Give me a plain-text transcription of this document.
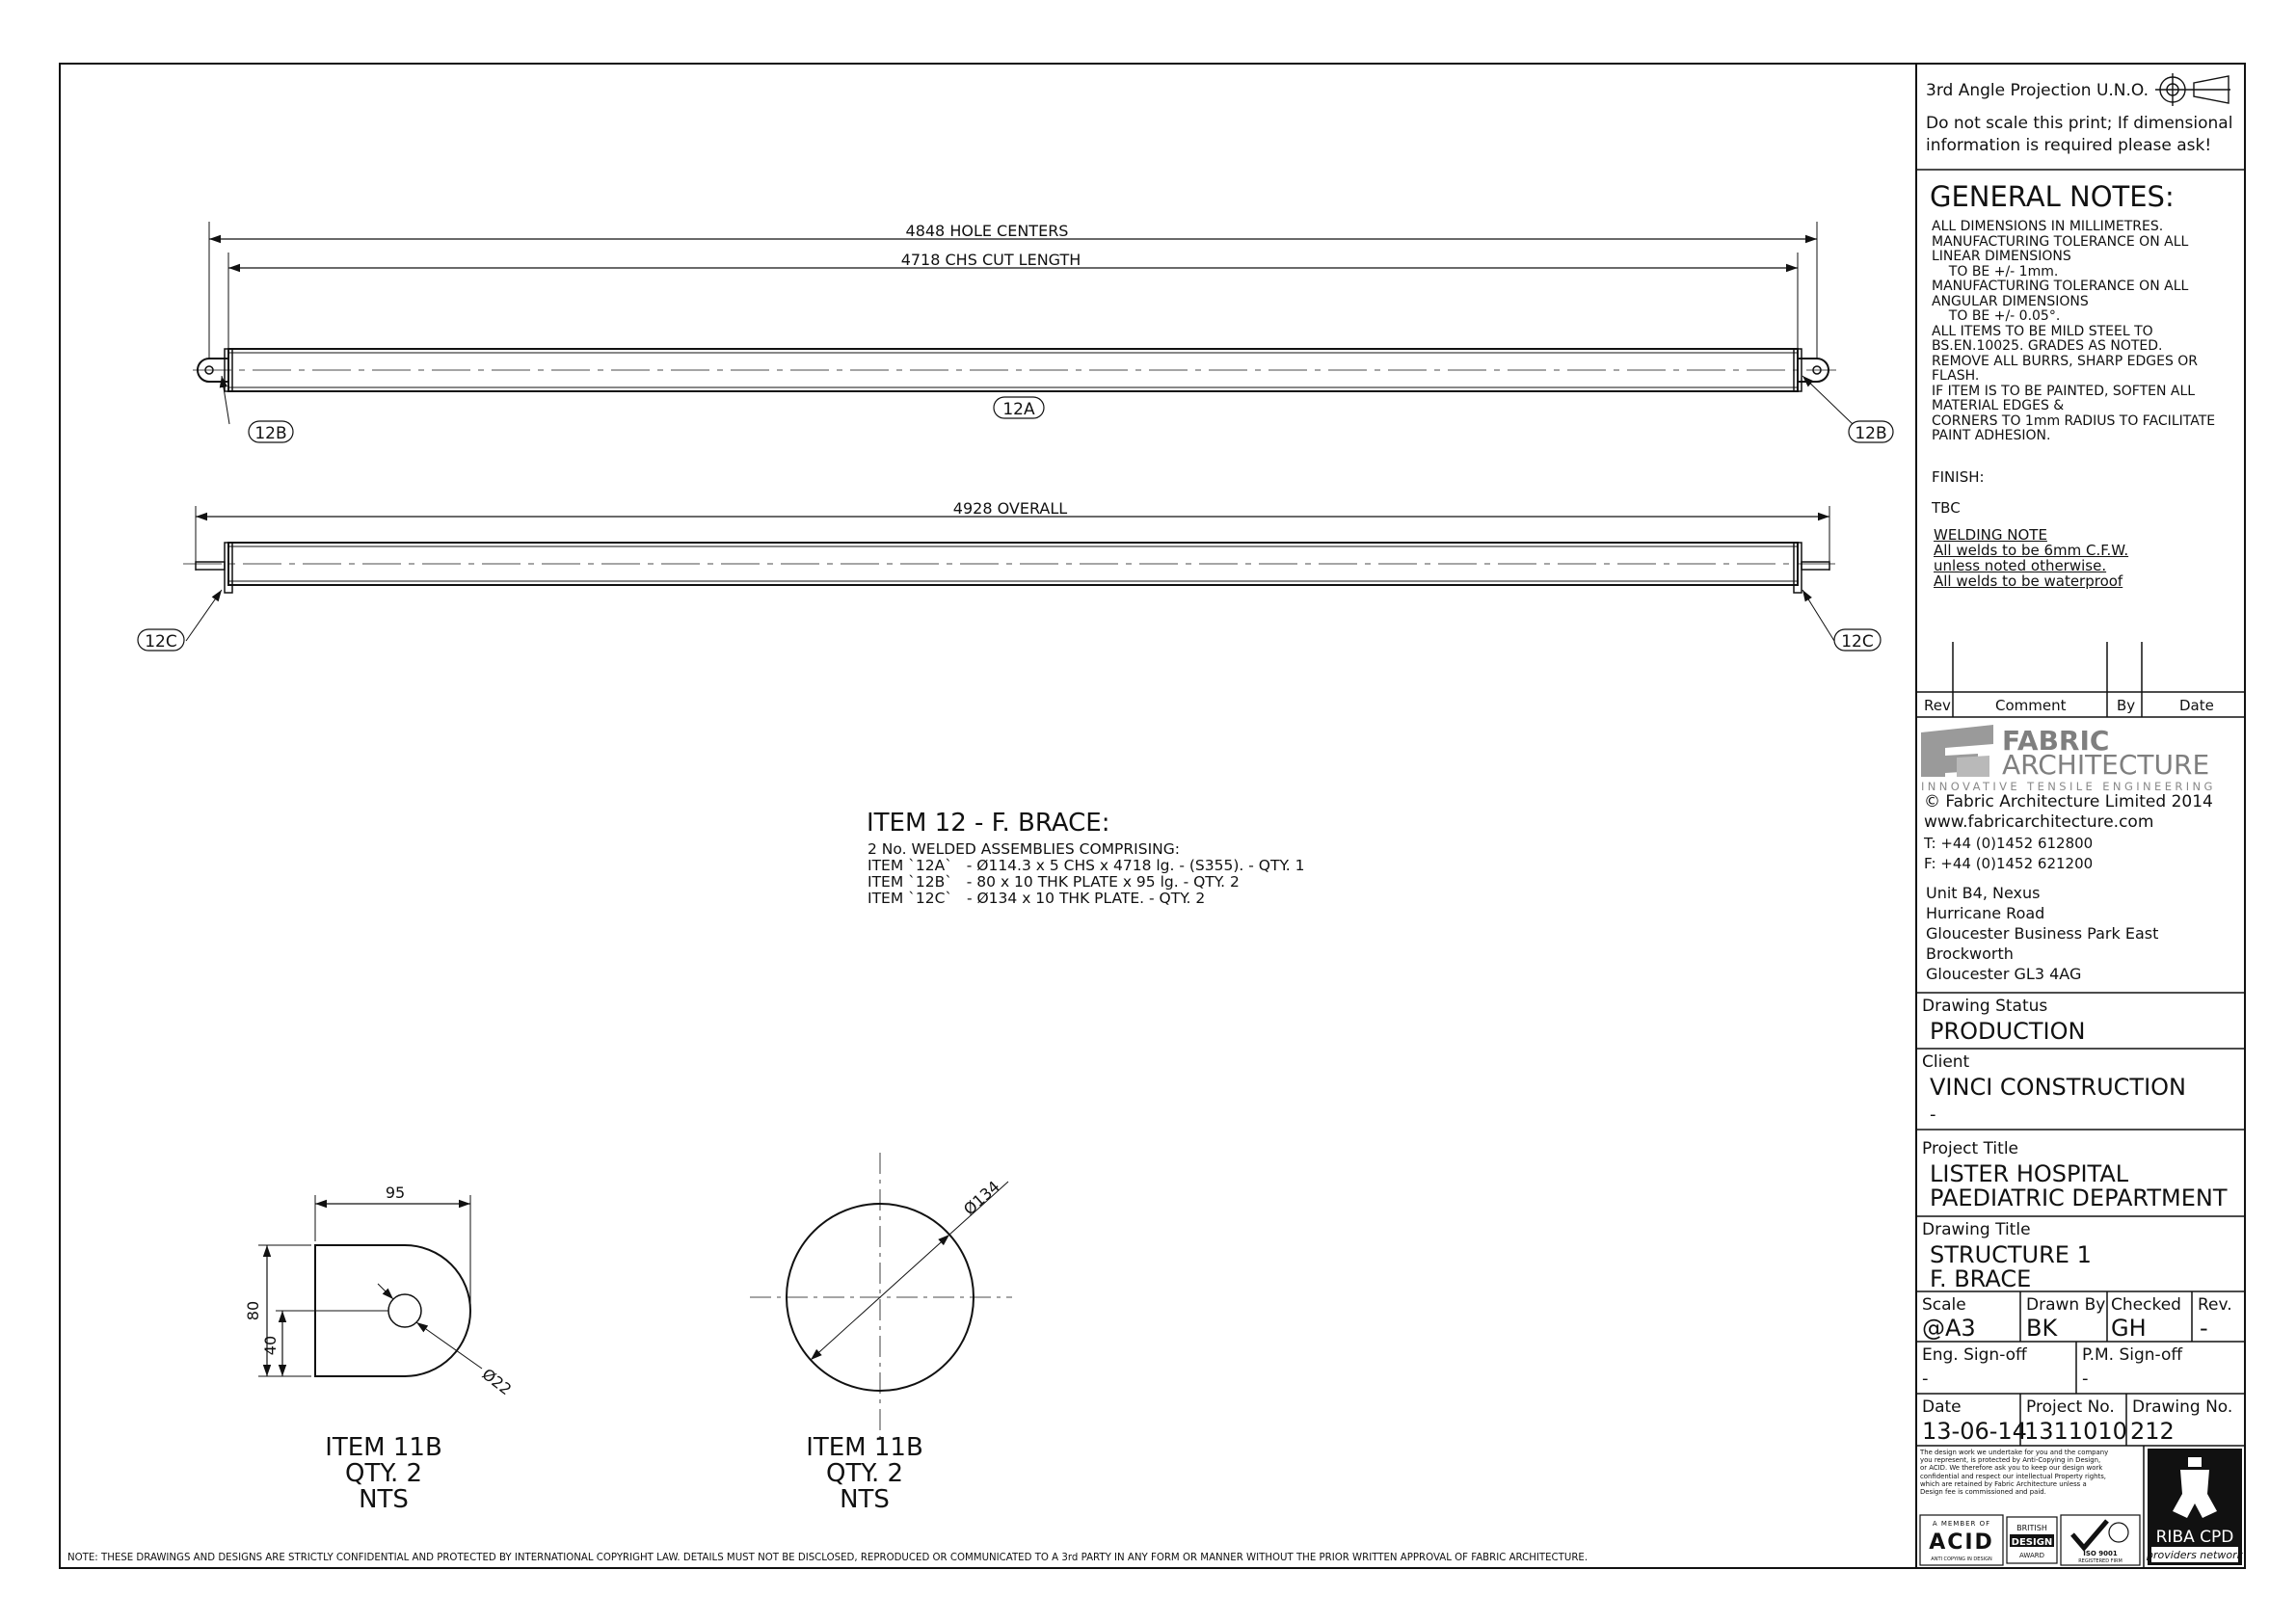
4848 HOLE CENTERS
4718 CHS CUT LENGTH
4928 OVERALL
12B
12A
12B
12C	12C
ITEM 12 - F. BRACE:
2 No. WELDED ASSEMBLIES COMPRISING:
ITEM `12A`   - Ø114.3 x 5 CHS x 4718 lg. - (S355). - QTY. 1
ITEM `12B`   - 80 x 10 THK PLATE x 95 lg. - QTY. 2
ITEM `12C`   - Ø134 x 10 THK PLATE. - QTY. 2
95
80
40
Ø22
Ø134
ITEM 11B
QTY. 2
NTS
ITEM 11B
QTY. 2
NTS
NOTE: THESE DRAWINGS AND DESIGNS ARE STRICTLY CONFIDENTIAL AND PROTECTED BY INTERNATIONAL COPYRIGHT LAW. DETAILS MUST NOT BE DISCLOSED, REPRODUCED OR COMMUNICATED TO A 3rd PARTY IN ANY FORM OR MANNER WITHOUT THE PRIOR WRITTEN APPROVAL OF FABRIC ARCHITECTURE.
FABRIC
ARCHITECTURE
INNOVATIVE TENSILE ENGINEERING
A MEMBER OF
ACID
ANTI COPYING IN DESIGN
BRITISH
DESIGN
AWARD	ISO 9001
REGISTERED FIRM
RIBA CPD
providers network
3rd Angle Projection U.N.O.
Do not scale this print; If dimensional
information is required please ask!
GENERAL NOTES:
ALL DIMENSIONS IN MILLIMETRES.
MANUFACTURING TOLERANCE ON ALL
LINEAR DIMENSIONS
TO BE +/- 1mm.
MANUFACTURING TOLERANCE ON ALL
ANGULAR DIMENSIONS
TO BE +/- 0.05°.
ALL ITEMS TO BE MILD STEEL TO
BS.EN.10025. GRADES AS NOTED.
REMOVE ALL BURRS, SHARP EDGES OR
FLASH.
IF ITEM IS TO BE PAINTED, SOFTEN ALL
MATERIAL EDGES &
CORNERS TO 1mm RADIUS TO FACILITATE
PAINT ADHESION.
FINISH:
TBC
WELDING NOTE
All welds to be 6mm C.F.W.
unless noted otherwise.
All welds to be waterproof
Rev	Comment	By	Date
© Fabric Architecture Limited 2014
www.fabricarchitecture.com
T: +44 (0)1452 612800
F: +44 (0)1452 621200
Unit B4, Nexus
Hurricane Road
Gloucester Business Park East
Brockworth
Gloucester GL3 4AG
Drawing Status
PRODUCTION
Client
VINCI CONSTRUCTION
-
Project Title
LISTER HOSPITAL
PAEDIATRIC DEPARTMENT
Drawing Title
STRUCTURE 1
F. BRACE
Scale
@A3
Drawn By
BK
Checked
GH
Rev.
-
Eng. Sign-off
-
P.M. Sign-off
-
Date
13-06-14
Project No.
1311010
Drawing No.
212
The design work we undertake for you and the company
you represent, is protected by Anti-Copying in Design,
or ACID. We therefore ask you to keep our design work
confidential and respect our intellectual Property rights,
which are retained by Fabric Architecture unless a
Design fee is commissioned and paid.
